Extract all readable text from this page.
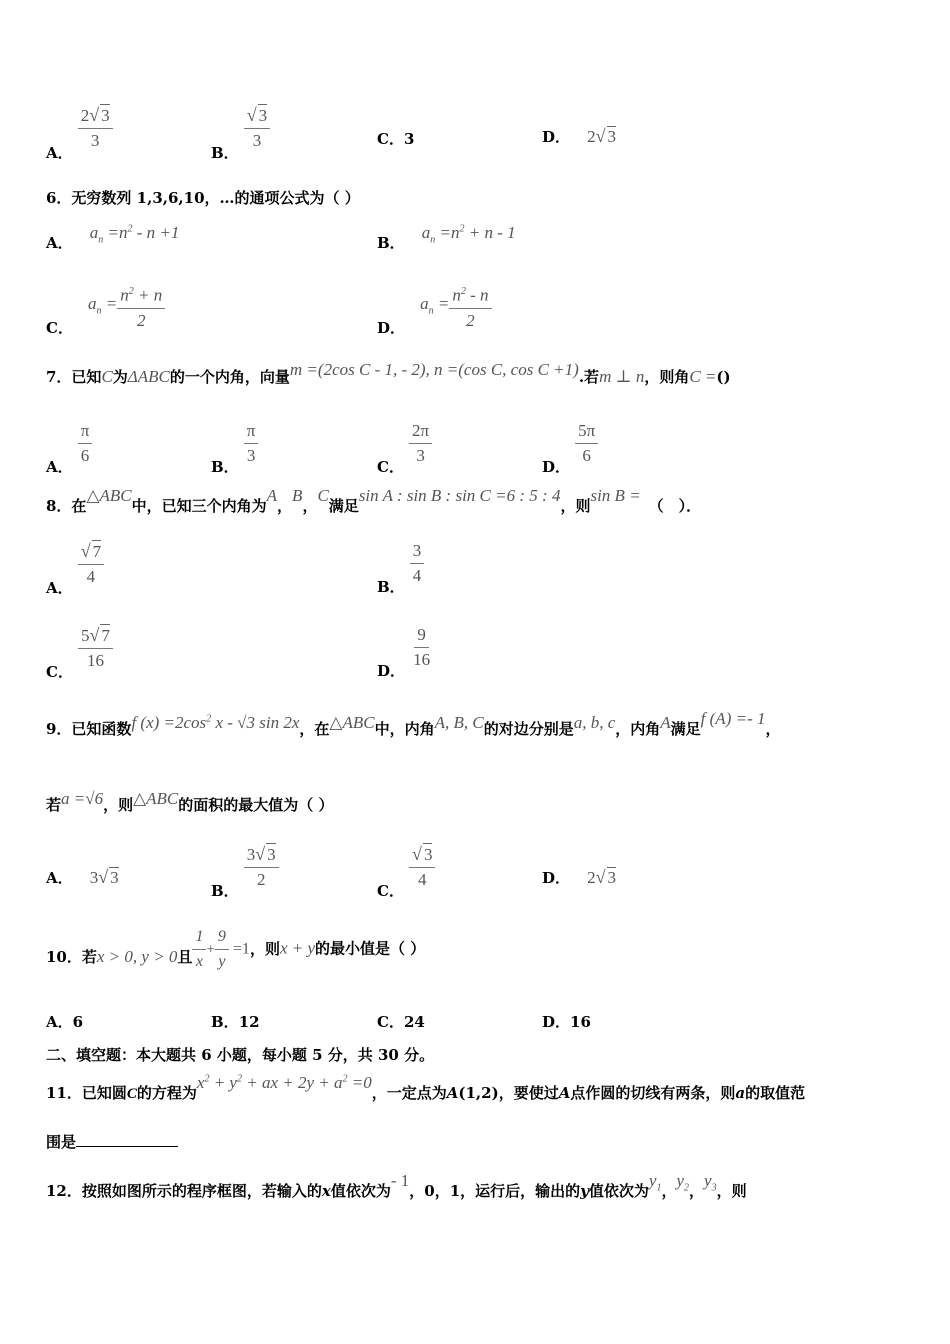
A．
$\frac{2√ 3}{3}$
B．
$\frac{√ 3}{3}$	C．3	D． 2√ 3
6．无穷数列 1,3,6,10，…的通项公式为（ ）
A． $a_n =n^2 - n +1$
B． $a_n =n^2 + n - 1$
C． $a_n = \frac{n^2 + n}{2}$	D． $a_n = \frac{n^2 - n}{2}$
7．已知C为ΔABC的一个内角，向量m =(2cos C - 1, - 2), n =(cos C, cos C +1).若m ⊥ n，则角C =()
A． $\frac{\pi}{6}$	B． $\frac{\pi}{3}$	C． $\frac{2\pi}{3}$	D． $\frac{5\pi}{6}$
8．在△ABC中，已知三个内角为A，B，C满足sin A : sin B : sin C =6 : 5 : 4，则sin B =（　）．
A． $\frac{√ 7}{4}$	B． $\frac{3}{4}$
C． $\frac{5√ 7}{16}$	D． $\frac{9}{16}$
9．已知函数f $(x) =2\cos^2$ x - √3 sin 2x，在△ABC中，内角A, B, C的对边分别是a, b, c，内角A满足f (A) =- 1，
若a =√6，则△ABC的面积的最大值为（ ）
A． 3√ 3
B． $\frac{3√ 3}{2}$	C． $\frac{√ 3}{4}$	D． 2√ 3
10．若x > 0, y > 0且 $\frac{1}{x} + \frac{9}{y} =1$，则x + y的最小值是（ ）
A．6	B．12	C．24	D．16
二、填空题：本大题共 6 小题，每小题 5 分，共 30 分。
11．已知圆C的方程为$x^2 + y^2$ + ax + $2y + a^2 =0$，一定点为A(1,2)，要使过A点作圆的切线有两条，则a的取值范
围是
12．按照如图所示的程序框图，若输入的x值依次为- 1，0，1，运行后，输出的y值依次为$y_1$，$y_2$，$y_3$，则
